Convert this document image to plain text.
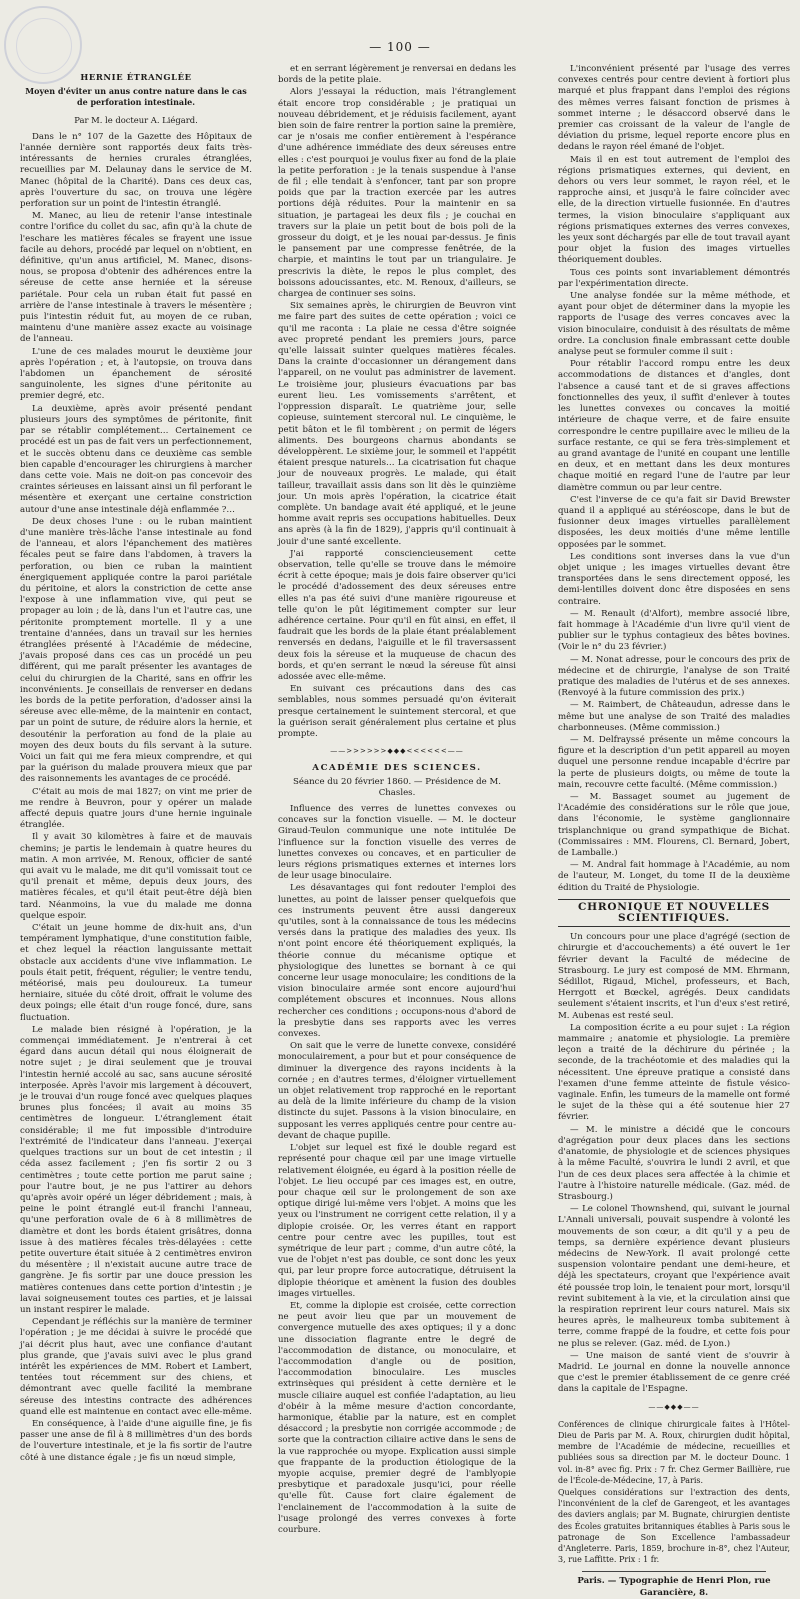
— 100 —
HERNIE ÉTRANGLÉE
Moyen d'éviter un anus contre nature dans le cas de perforation intestinale.
Par M. le docteur A. Liégard.

Dans le n° 107 de la Gazette des Hôpitaux de l'année dernière sont rapportés deux faits très-intéressants de hernies crurales étranglées, recueillies par M. Delaunay dans le service de M. Manec (hôpital de la Charité). Dans ces deux cas, après l'ouverture du sac, on trouva une légère perforation sur un point de l'intestin étranglé.

M. Manec, au lieu de retenir l'anse intestinale contre l'orifice du collet du sac, afin qu'à la chute de l'eschare les matières fécales se frayent une issue facile au dehors, procédé par lequel on n'obtient, en définitive, qu'un anus artificiel, M. Manec, disons-nous, se proposa d'obtenir des adhérences entre la séreuse de cette anse herniée et la séreuse pariétale. Pour cela un ruban était fut passé en arrière de l'anse intestinale à travers le mésentère ; puis l'intestin réduit fut, au moyen de ce ruban, maintenu d'une manière assez exacte au voisinage de l'anneau.

L'une de ces malades mourut le deuxième jour après l'opération ; et, à l'autopsie, on trouva dans l'abdomen un épanchement de sérosité sanguinolente, les signes d'une péritonite au premier degré, etc.

La deuxième, après avoir présenté pendant plusieurs jours des symptômes de péritonite, finit par se rétablir complétement… Certainement ce procédé est un pas de fait vers un perfectionnement, et le succès obtenu dans ce deuxième cas semble bien capable d'encourager les chirurgiens à marcher dans cette voie. Mais ne doit-on pas concevoir des craintes sérieuses en laissant ainsi un fil perforant le mésentère et exerçant une certaine constriction autour d'une anse intestinale déjà enflammée ?…

De deux choses l'une : ou le ruban maintient d'une manière très-lâche l'anse intestinale au fond de l'anneau, et alors l'épanchement des matières fécales peut se faire dans l'abdomen, à travers la perforation, ou bien ce ruban la maintient énergiquement appliquée contre la paroi pariétale du péritoine, et alors la constriction de cette anse l'expose à une inflammation vive, qui peut se propager au loin ; de là, dans l'un et l'autre cas, une péritonite promptement mortelle. Il y a une trentaine d'années, dans un travail sur les hernies étranglées présenté à l'Académie de médecine, j'avais proposé dans ces cas un procédé un peu différent, qui me paraît présenter les avantages de celui du chirurgien de la Charité, sans en offrir les inconvénients. Je conseillais de renverser en dedans les bords de la petite perforation, d'adosser ainsi la séreuse avec elle-même, de la maintenir en contact, par un point de suture, de réduire alors la hernie, et desouténir la perforation au fond de la plaie au moyen des deux bouts du fils servant à la suture. Voici un fait qui me fera mieux comprendre, et qui par la guérison du malade prouvera mieux que par des raisonnements les avantages de ce procédé.

C'était au mois de mai 1827; on vint me prier de me rendre à Beuvron, pour y opérer un malade affecté depuis quatre jours d'une hernie inguinale étranglée.

Il y avait 30 kilomètres à faire et de mauvais chemins; je partis le lendemain à quatre heures du matin. A mon arrivée, M. Renoux, officier de santé qui avait vu le malade, me dit qu'il vomissait tout ce qu'il prenait et même, depuis deux jours, des matières fécales, et qu'il était peut-être déjà bien tard. Néanmoins, la vue du malade me donna quelque espoir.

C'était un jeune homme de dix-huit ans, d'un tempérament lymphatique, d'une constitution faible, et chez lequel la réaction languissante mettait obstacle aux accidents d'une vive inflammation. Le pouls était petit, fréquent, régulier; le ventre tendu, météorisé, mais peu douloureux. La tumeur herniaire, située du côté droit, offrait le volume des deux poings; elle était d'un rouge foncé, dure, sans fluctuation.

Le malade bien résigné à l'opération, je la commençai immédiatement. Je n'entrerai à cet égard dans aucun détail qui nous éloignerait de notre sujet ; je dirai seulement que je trouvai l'intestin hernié accolé au sac, sans aucune sérosité interposée. Après l'avoir mis largement à découvert, je le trouvai d'un rouge foncé avec quelques plaques brunes plus foncées; il avait au moins 35 centimètres de longueur. L'étranglement était considérable; il me fut impossible d'introduire l'extrémité de l'indicateur dans l'anneau. J'exerçai quelques tractions sur un bout de cet intestin ; il céda assez facilement ; j'en fis sortir 2 ou 3 centimètres ; toute cette portion me parut saine ; pour l'autre bout, je ne pus l'attirer au dehors qu'après avoir opéré un léger débridement ; mais, à peine le point étranglé eut-il franchi l'anneau, qu'une perforation ovale de 6 à 8 millimètres de diamètre et dont les bords étaient grisâtres, donna issue à des matières fécales très-délayées : cette petite ouverture était située à 2 centimètres environ du mésentère ; il n'existait aucune autre trace de gangrène. Je fis sortir par une douce pression les matières contenues dans cette portion d'intestin ; je lavai soigneusement toutes ces parties, et je laissai un instant respirer le malade.

Cependant je réfléchis sur la manière de terminer l'opération ; je me décidai à suivre le procédé que j'ai décrit plus haut, avec une confiance d'autant plus grande, que j'avais suivi avec le plus grand intérêt les expériences de MM. Robert et Lambert, tentées tout récemment sur des chiens, et démontrant avec quelle facilité la membrane séreuse des intestins contracte des adhérences quand elle est maintenue en contact avec elle-même.

En conséquence, à l'aide d'une aiguille fine, je fis passer une anse de fil à 8 millimètres d'un des bords de l'ouverture intestinale, et je la fis sortir de l'autre côté à une distance égale ; je fis un nœud simple,

et en serrant légèrement je renversai en dedans les bords de la petite plaie.

Alors j'essayai la réduction, mais l'étranglement était encore trop considérable ; je pratiquai un nouveau débridement, et je réduisis facilement, ayant bien soin de faire rentrer la portion saine la première, car je n'osais me confier entièrement à l'espérance d'une adhérence immédiate des deux séreuses entre elles : c'est pourquoi je voulus fixer au fond de la plaie la petite perforation : je la tenais suspendue à l'anse de fil ; elle tendait à s'enfoncer, tant par son propre poids que par la traction exercée par les autres portions déjà réduites. Pour la maintenir en sa situation, je partageai les deux fils ; je couchai en travers sur la plaie un petit bout de bois poli de la grosseur du doigt, et je les nouai par-dessus. Je finis le pansement par une compresse fenêtrée, de la charpie, et maintins le tout par un triangulaire. Je prescrivis la diète, le repos le plus complet, des boissons adoucissantes, etc. M. Renoux, d'ailleurs, se chargea de continuer ses soins.

Six semaines après, le chirurgien de Beuvron vint me faire part des suites de cette opération ; voici ce qu'il me raconta : La plaie ne cessa d'être soignée avec propreté pendant les premiers jours, parce qu'elle laissait suinter quelques matières fécales. Dans la crainte d'occasionner un dérangement dans l'appareil, on ne voulut pas administrer de lavement. Le troisième jour, plusieurs évacuations par bas eurent lieu. Les vomissements s'arrêtent, et l'oppression disparaît. Le quatrième jour, selle copieuse, suintement stercoral nul. Le cinquième, le petit bâton et le fil tombèrent ; on permit de légers aliments. Des bourgeons charnus abondants se développèrent. Le sixième jour, le sommeil et l'appétit étaient presque naturels… La cicatrisation fut chaque jour de nouveaux progrès. Le malade, qui était tailleur, travaillait assis dans son lit dès le quinzième jour. Un mois après l'opération, la cicatrice était complète. Un bandage avait été appliqué, et le jeune homme avait repris ses occupations habituelles. Deux ans après (à la fin de 1829), j'appris qu'il continuait à jouir d'une santé excellente.

J'ai rapporté consciencieusement cette observation, telle qu'elle se trouve dans le mémoire écrit à cette époque; mais je dois faire observer qu'ici le procédé d'adossement des deux séreuses entre elles n'a pas été suivi d'une manière rigoureuse et telle qu'on le pût légitimement compter sur leur adhérence certaine. Pour qu'il en fût ainsi, en effet, il faudrait que les bords de la plaie étant préalablement renversés en dedans, l'aiguille et le fil traversassent deux fois la séreuse et la muqueuse de chacun des bords, et qu'en serrant le nœud la séreuse fût ainsi adossée avec elle-même.

En suivant ces précautions dans des cas semblables, nous sommes persuadé qu'on éviterait presque certainement le suintement stercoral, et que la guérison serait généralement plus certaine et plus prompte.

——>>>>>>◆◆◆<<<<<<——
ACADÉMIE DES SCIENCES.
Séance du 20 février 1860. — Présidence de M. Chasles.

Influence des verres de lunettes convexes ou concaves sur la fonction visuelle. — M. le docteur Giraud-Teulon communique une note intitulée De l'influence sur la fonction visuelle des verres de lunettes convexes ou concaves, et en particulier de leurs régions prismatiques externes et internes lors de leur usage binoculaire.

Les désavantages qui font redouter l'emploi des lunettes, au point de laisser penser quelquefois que ces instruments peuvent être aussi dangereux qu'utiles, sont à la connaissance de tous les médecins versés dans la pratique des maladies des yeux. Ils n'ont point encore été théoriquement expliqués, la théorie connue du mécanisme optique et physiologique des lunettes se bornant à ce qui concerne leur usage monoculaire; les conditions de la vision binoculaire armée sont encore aujourd'hui complétement obscures et inconnues. Nous allons rechercher ces conditions ; occupons-nous d'abord de la presbytie dans ses rapports avec les verres convexes.

On sait que le verre de lunette convexe, considéré monoculairement, a pour but et pour conséquence de diminuer la divergence des rayons incidents à la cornée ; en d'autres termes, d'éloigner virtuellement un objet relativement trop rapproché en le reportant au delà de la limite inférieure du champ de la vision distincte du sujet. Passons à la vision binoculaire, en supposant les verres appliqués centre pour centre au-devant de chaque pupille.

L'objet sur lequel est fixé le double regard est représenté pour chaque œil par une image virtuelle relativement éloignée, eu égard à la position réelle de l'objet. Le lieu occupé par ces images est, en outre, pour chaque œil sur le prolongement de son axe optique dirigé lui-même vers l'objet. A moins que les yeux ou l'instrument ne corrigent cette relation, il y a diplopie croisée. Or, les verres étant en rapport centre pour centre avec les pupilles, tout est symétrique de leur part ; comme, d'un autre côté, la vue de l'objet n'est pas double, ce sont donc les yeux qui, par leur propre force autocratique, détruisent la diplopie théorique et amènent la fusion des doubles images virtuelles.

Et, comme la diplopie est croisée, cette correction ne peut avoir lieu que par un mouvement de convergence mutuelle des axes optiques; il y a donc une dissociation flagrante entre le degré de l'accommodation de distance, ou monoculaire, et l'accommodation d'angle ou de position, l'accommodation binoculaire. Les muscles extrinsèques qui président à cette dernière et le muscle ciliaire auquel est confiée l'adaptation, au lieu d'obéir à la même mesure d'action concordante, harmonique, établie par la nature, est en complet désaccord ; la presbytie non corrigée accommode ; de sorte que la contraction ciliaire active dans le sens de la vue rapprochée ou myope. Explication aussi simple que frappante de la production étiologique de la myopie acquise, premier degré de l'amblyopie presbytique et paradoxale jusqu'ici, pour réelle qu'elle fût. Cause fort claire également de l'enclainement de l'accommodation à la suite de l'usage prolongé des verres convexes à forte courbure.

L'inconvénient présenté par l'usage des verres convexes centrés pour centre devient à fortiori plus marqué et plus frappant dans l'emploi des régions des mêmes verres faisant fonction de prismes à sommet interne ; le désaccord observé dans le premier cas croissant de la valeur de l'angle de déviation du prisme, lequel reporte encore plus en dedans le rayon réel émané de l'objet.

Mais il en est tout autrement de l'emploi des régions prismatiques externes, qui devient, en dehors ou vers leur sommet, le rayon réel, et le rapproche ainsi, et jusqu'à le faire coïncider avec elle, de la direction virtuelle fusionnée. En d'autres termes, la vision binoculaire s'appliquant aux régions prismatiques externes des verres convexes, les yeux sont déchargés par elle de tout travail ayant pour objet la fusion des images virtuelles théoriquement doubles.

Tous ces points sont invariablement démontrés par l'expérimentation directe.

Une analyse fondée sur la même méthode, et ayant pour objet de déterminer dans la myopie les rapports de l'usage des verres concaves avec la vision binoculaire, conduisit à des résultats de même ordre. La conclusion finale embrassant cette double analyse peut se formuler comme il suit :

Pour rétablir l'accord rompu entre les deux accommodations de distances et d'angles, dont l'absence a causé tant et de si graves affections fonctionnelles des yeux, il suffit d'enlever à toutes les lunettes convexes ou concaves la moitié intérieure de chaque verre, et de faire ensuite correspondre le centre pupillaire avec le milieu de la surface restante, ce qui se fera très-simplement et au grand avantage de l'unité en coupant une lentille en deux, et en mettant dans les deux montures chaque moitié en regard l'une de l'autre par leur diamètre commun ou par leur centre.

C'est l'inverse de ce qu'a fait sir David Brewster quand il a appliqué au stéréoscope, dans le but de fusionner deux images virtuelles parallèlement disposées, les deux moitiés d'une même lentille opposées par le sommet.

Les conditions sont inverses dans la vue d'un objet unique ; les images virtuelles devant être transportées dans le sens directement opposé, les demi-lentilles doivent donc être disposées en sens contraire.

— M. Renault (d'Alfort), membre associé libre, fait hommage à l'Académie d'un livre qu'il vient de publier sur le typhus contagieux des bêtes bovines. (Voir le n° du 23 février.)

— M. Nonat adresse, pour le concours des prix de médecine et de chirurgie, l'analyse de son Traité pratique des maladies de l'utérus et de ses annexes. (Renvoyé à la future commission des prix.)

— M. Raimbert, de Châteaudun, adresse dans le même but une analyse de son Traité des maladies charbonneuses. (Même commission.)

— M. Delfrayssé présente un même concours la figure et la description d'un petit appareil au moyen duquel une personne rendue incapable d'écrire par la perte de plusieurs doigts, ou même de toute la main, recouvre cette faculté. (Même commission.)

— M. Bassaget soumet au jugement de l'Académie des considérations sur le rôle que joue, dans l'économie, le système ganglionnaire trisplanchnique ou grand sympathique de Bichat. (Commissaires : MM. Flourens, Cl. Bernard, Jobert, de Lamballe.)

— M. Andral fait hommage à l'Académie, au nom de l'auteur, M. Longet, du tome II de la deuxième édition du Traité de Physiologie.

CHRONIQUE ET NOUVELLES SCIENTIFIQUES.

Un concours pour une place d'agrégé (section de chirurgie et d'accouchements) a été ouvert le 1er février devant la Faculté de médecine de Strasbourg. Le jury est composé de MM. Ehrmann, Sédillot, Rigaud, Michel, professeurs, et Bach, Herrgott et Bœckel, agrégés. Deux candidats seulement s'étaient inscrits, et l'un d'eux s'est retiré, M. Aubenas est resté seul.

La composition écrite a eu pour sujet : La région mammaire ; anatomie et physiologie. La première leçon a traité de la déchirure du périnée ; la seconde, de la trachéotomie et des maladies qui la nécessitent. Une épreuve pratique a consisté dans l'examen d'une femme atteinte de fistule vésico-vaginale. Enfin, les tumeurs de la mamelle ont formé le sujet de la thèse qui a été soutenue hier 27 février.

— M. le ministre a décidé que le concours d'agrégation pour deux places dans les sections d'anatomie, de physiologie et de sciences physiques à la même Faculté, s'ouvrira le lundi 2 avril, et que l'un de ces deux places sera affectée à la chimie et l'autre à l'histoire naturelle médicale. (Gaz. méd. de Strasbourg.)

— Le colonel Thownshend, qui, suivant le journal L'Annali universali, pouvait suspendre à volonté les mouvements de son cœur, a dit qu'il y a peu de temps, sa dernière expérience devant plusieurs médecins de New-York. Il avait prolongé cette suspension volontaire pendant une demi-heure, et déjà les spectateurs, croyant que l'expérience avait été poussée trop loin, le tenaient pour mort, lorsqu'il revint subitement à la vie, et la circulation ainsi que la respiration reprirent leur cours naturel. Mais six heures après, le malheureux tomba subitement à terre, comme frappé de la foudre, et cette fois pour ne plus se relever. (Gaz. méd. de Lyon.)

— Une maison de santé vient de s'ouvrir à Madrid. Le journal en donne la nouvelle annonce que c'est le premier établissement de ce genre créé dans la capitale de l'Espagne.

——◆◆◆——

Conférences de clinique chirurgicale faites à l'Hôtel-Dieu de Paris par M. A. Roux, chirurgien dudit hôpital, membre de l'Académie de médecine, recueillies et publiées sous sa direction par M. le docteur Dounc. 1 vol. in-8° avec fig. Prix : 7 fr. Chez Germer Baillière, rue de l'École-de-Médecine, 17, à Paris.

Quelques considérations sur l'extraction des dents, l'inconvénient de la clef de Garengeot, et les avantages des daviers anglais; par M. Bugnate, chirurgien dentiste des Écoles gratuites britanniques établies à Paris sous le patronage de Son Excellence l'ambassadeur d'Angleterre. Paris, 1859, brochure in-8°, chez l'Auteur, 3, rue Laffitte. Prix : 1 fr.

Paris. — Typographie de Henri Plon, rue Garancière, 8.
